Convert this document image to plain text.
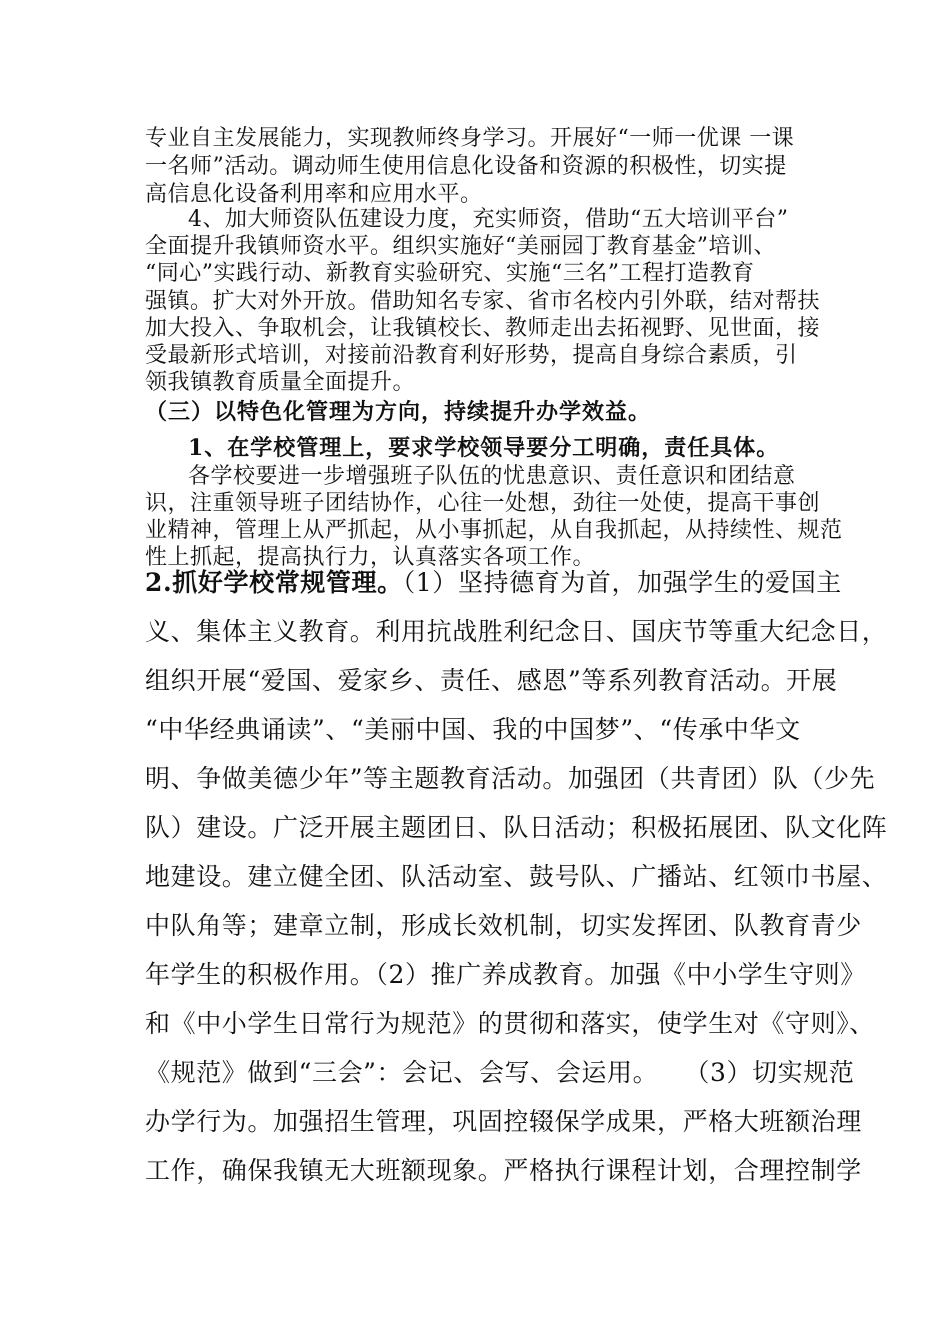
专业自主发展能力，实现教师终身学习。开展好“一师一优课 一课

一名师”活动。调动师生使用信息化设备和资源的积极性，切实提

高信息化设备利用率和应用水平。

4、加大师资队伍建设力度，充实师资，借助“五大培训平台”

全面提升我镇师资水平。组织实施好“美丽园丁教育基金”培训、

“同心”实践行动、新教育实验研究、实施“三名”工程打造教育

强镇。扩大对外开放。借助知名专家、省市名校内引外联，结对帮扶

加大投入、争取机会，让我镇校长、教师走出去拓视野、见世面，接

受最新形式培训，对接前沿教育利好形势，提高自身综合素质，引

领我镇教育质量全面提升。

（三）以特色化管理为方向，持续提升办学效益。

1、在学校管理上，要求学校领导要分工明确，责任具体。

各学校要进一步增强班子队伍的忧患意识、责任意识和团结意

识，注重领导班子团结协作，心往一处想，劲往一处使，提高干事创

业精神，管理上从严抓起，从小事抓起，从自我抓起，从持续性、规范

性上抓起，提高执行力，认真落实各项工作。

2.抓好学校常规管理。（1）坚持德育为首，加强学生的爱国主

义、集体主义教育。利用抗战胜利纪念日、国庆节等重大纪念日，

组织开展“爱国、爱家乡、责任、感恩”等系列教育活动。开展

“中华经典诵读”、“美丽中国、我的中国梦”、“传承中华文

明、争做美德少年”等主题教育活动。加强团（共青团）队（少先

队）建设。广泛开展主题团日、队日活动；积极拓展团、队文化阵

地建设。建立健全团、队活动室、鼓号队、广播站、红领巾书屋、

中队角等；建章立制，形成长效机制，切实发挥团、队教育青少

年学生的积极作用。（2）推广养成教育。加强《中小学生守则》

和《中小学生日常行为规范》的贯彻和落实，使学生对《守则》、

《规范》做到“三会”：会记、会写、会运用。　　（3）切实规范

办学行为。加强招生管理，巩固控辍保学成果，严格大班额治理

工作，确保我镇无大班额现象。严格执行课程计划，合理控制学
